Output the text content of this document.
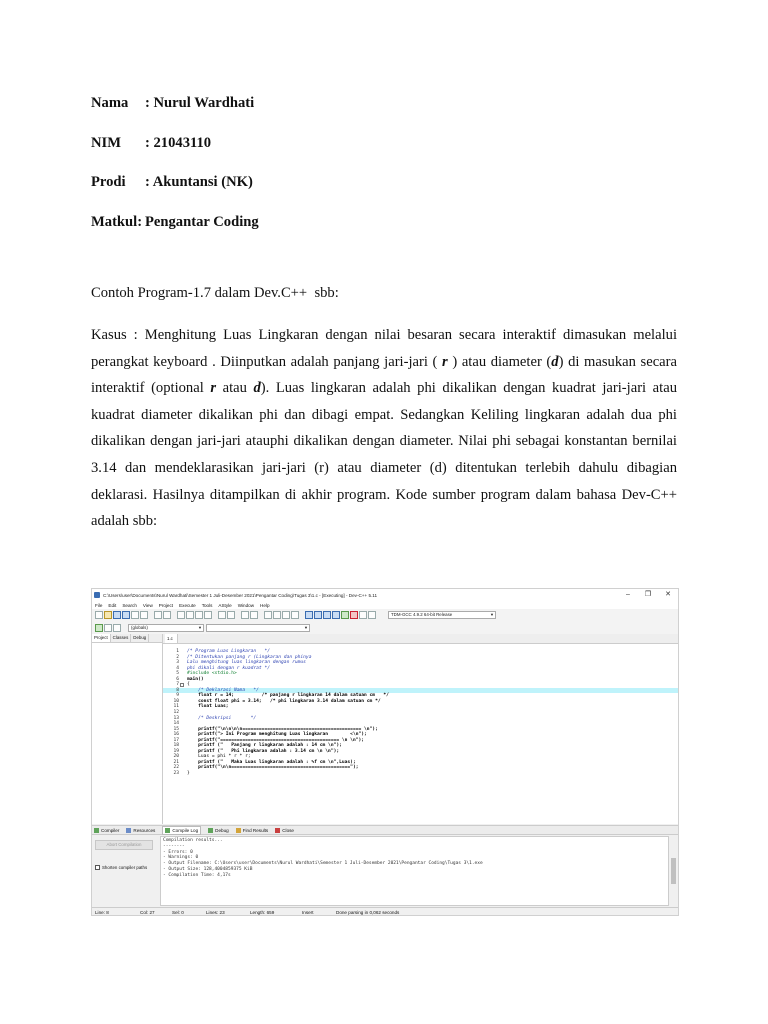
Nama : Nurul Wardhati
NIM : 21043110
Prodi : Akuntansi (NK)
Matkul: Pengantar Coding
Contoh Program-1.7 dalam Dev.C++  sbb:
Kasus : Menghitung Luas Lingkaran dengan nilai besaran secara interaktif dimasukan melalui perangkat keyboard . Diinputkan adalah panjang jari-jari ( r ) atau diameter (d) di masukan secara interaktif (optional r atau d). Luas lingkaran adalah phi dikalikan dengan kuadrat jari-jari atau kuadrat diameter dikalikan phi dan dibagi empat. Sedangkan Keliling lingkaran adalah dua phi dikalikan dengan jari-jari atauphi dikalikan dengan diameter. Nilai phi sebagai konstantan bernilai 3.14 dan mendeklarasikan jari-jari (r) atau diameter (d) ditentukan terlebih dahulu dibagian deklarasi. Hasilnya ditampilkan di akhir program. Kode sumber program dalam bahasa Dev-C++ adalah sbb:
C:\Users\user\Documents\Nurul Wardhati\Semester 1 Juli-Desember 2021\Pengantar Coding\Tugas 3\1.c - [Executing] - Dev-C++ 5.11	–	❐	✕
File Edit Search View Project Execute Tools AStyle Window Help
TDM-GCC 4.9.2 64-bit Release	▼
(globals)	▼	▼
Project	Classes	Debug	1.c
1 /* Program Luas Lingkaran   */
2 /* Ditentukan panjang r (Lingkaran dan phinya
3 Lalu menghitung luas lingkaran dengan rumus
4 phi dikali dengan r kuadrat */
5 #include <stdio.h>
6 main()
7 {
8 /* Deklarasi Nama   */
9 float r = 14;          /* panjang r lingkaran 14 dalam satuan cm   */
10 const float phi = 3.14;   /* phi lingkaran 3.14 dalam satuan cm */
11 float Luas;
12
13 /* Deskripsi       */
14
15 printf("\n\n\n\n=========================================== \n");
16 printf("> Ini Program menghitung Luas lingkaran        <\n");
17 printf("=========================================== \n \n");
18 printf ("   Panjang r lingkaran adalah : 14 cm \n");
19 printf ("   Phi lingkaran adalah : 3.14 cm \n \n");
20 Luas = phi * r * r;
21 printf ("   Maka Luas lingkaran adalah : %f cm \n",Luas);
22 printf("\n\n===========================================");
23 }
Compiler	Resources	Compile Log	Debug	Find Results	Close
Abort Compilation
Shorten compiler paths
Compilation results...
--------
- Errors: 0
- Warnings: 0
- Output Filename: C:\Users\user\Documents\Nurul Wardhati\Semester 1 Juli-Desember 2021\Pengantar Coding\Tugas 3\1.exe
- Output Size: 128,4004859375 KiB
- Compilation Time: 4,17s
Line: 8	Col: 27	Sel: 0	Lines: 23	Length: 659	Insert	Done parsing in 0,062 seconds
